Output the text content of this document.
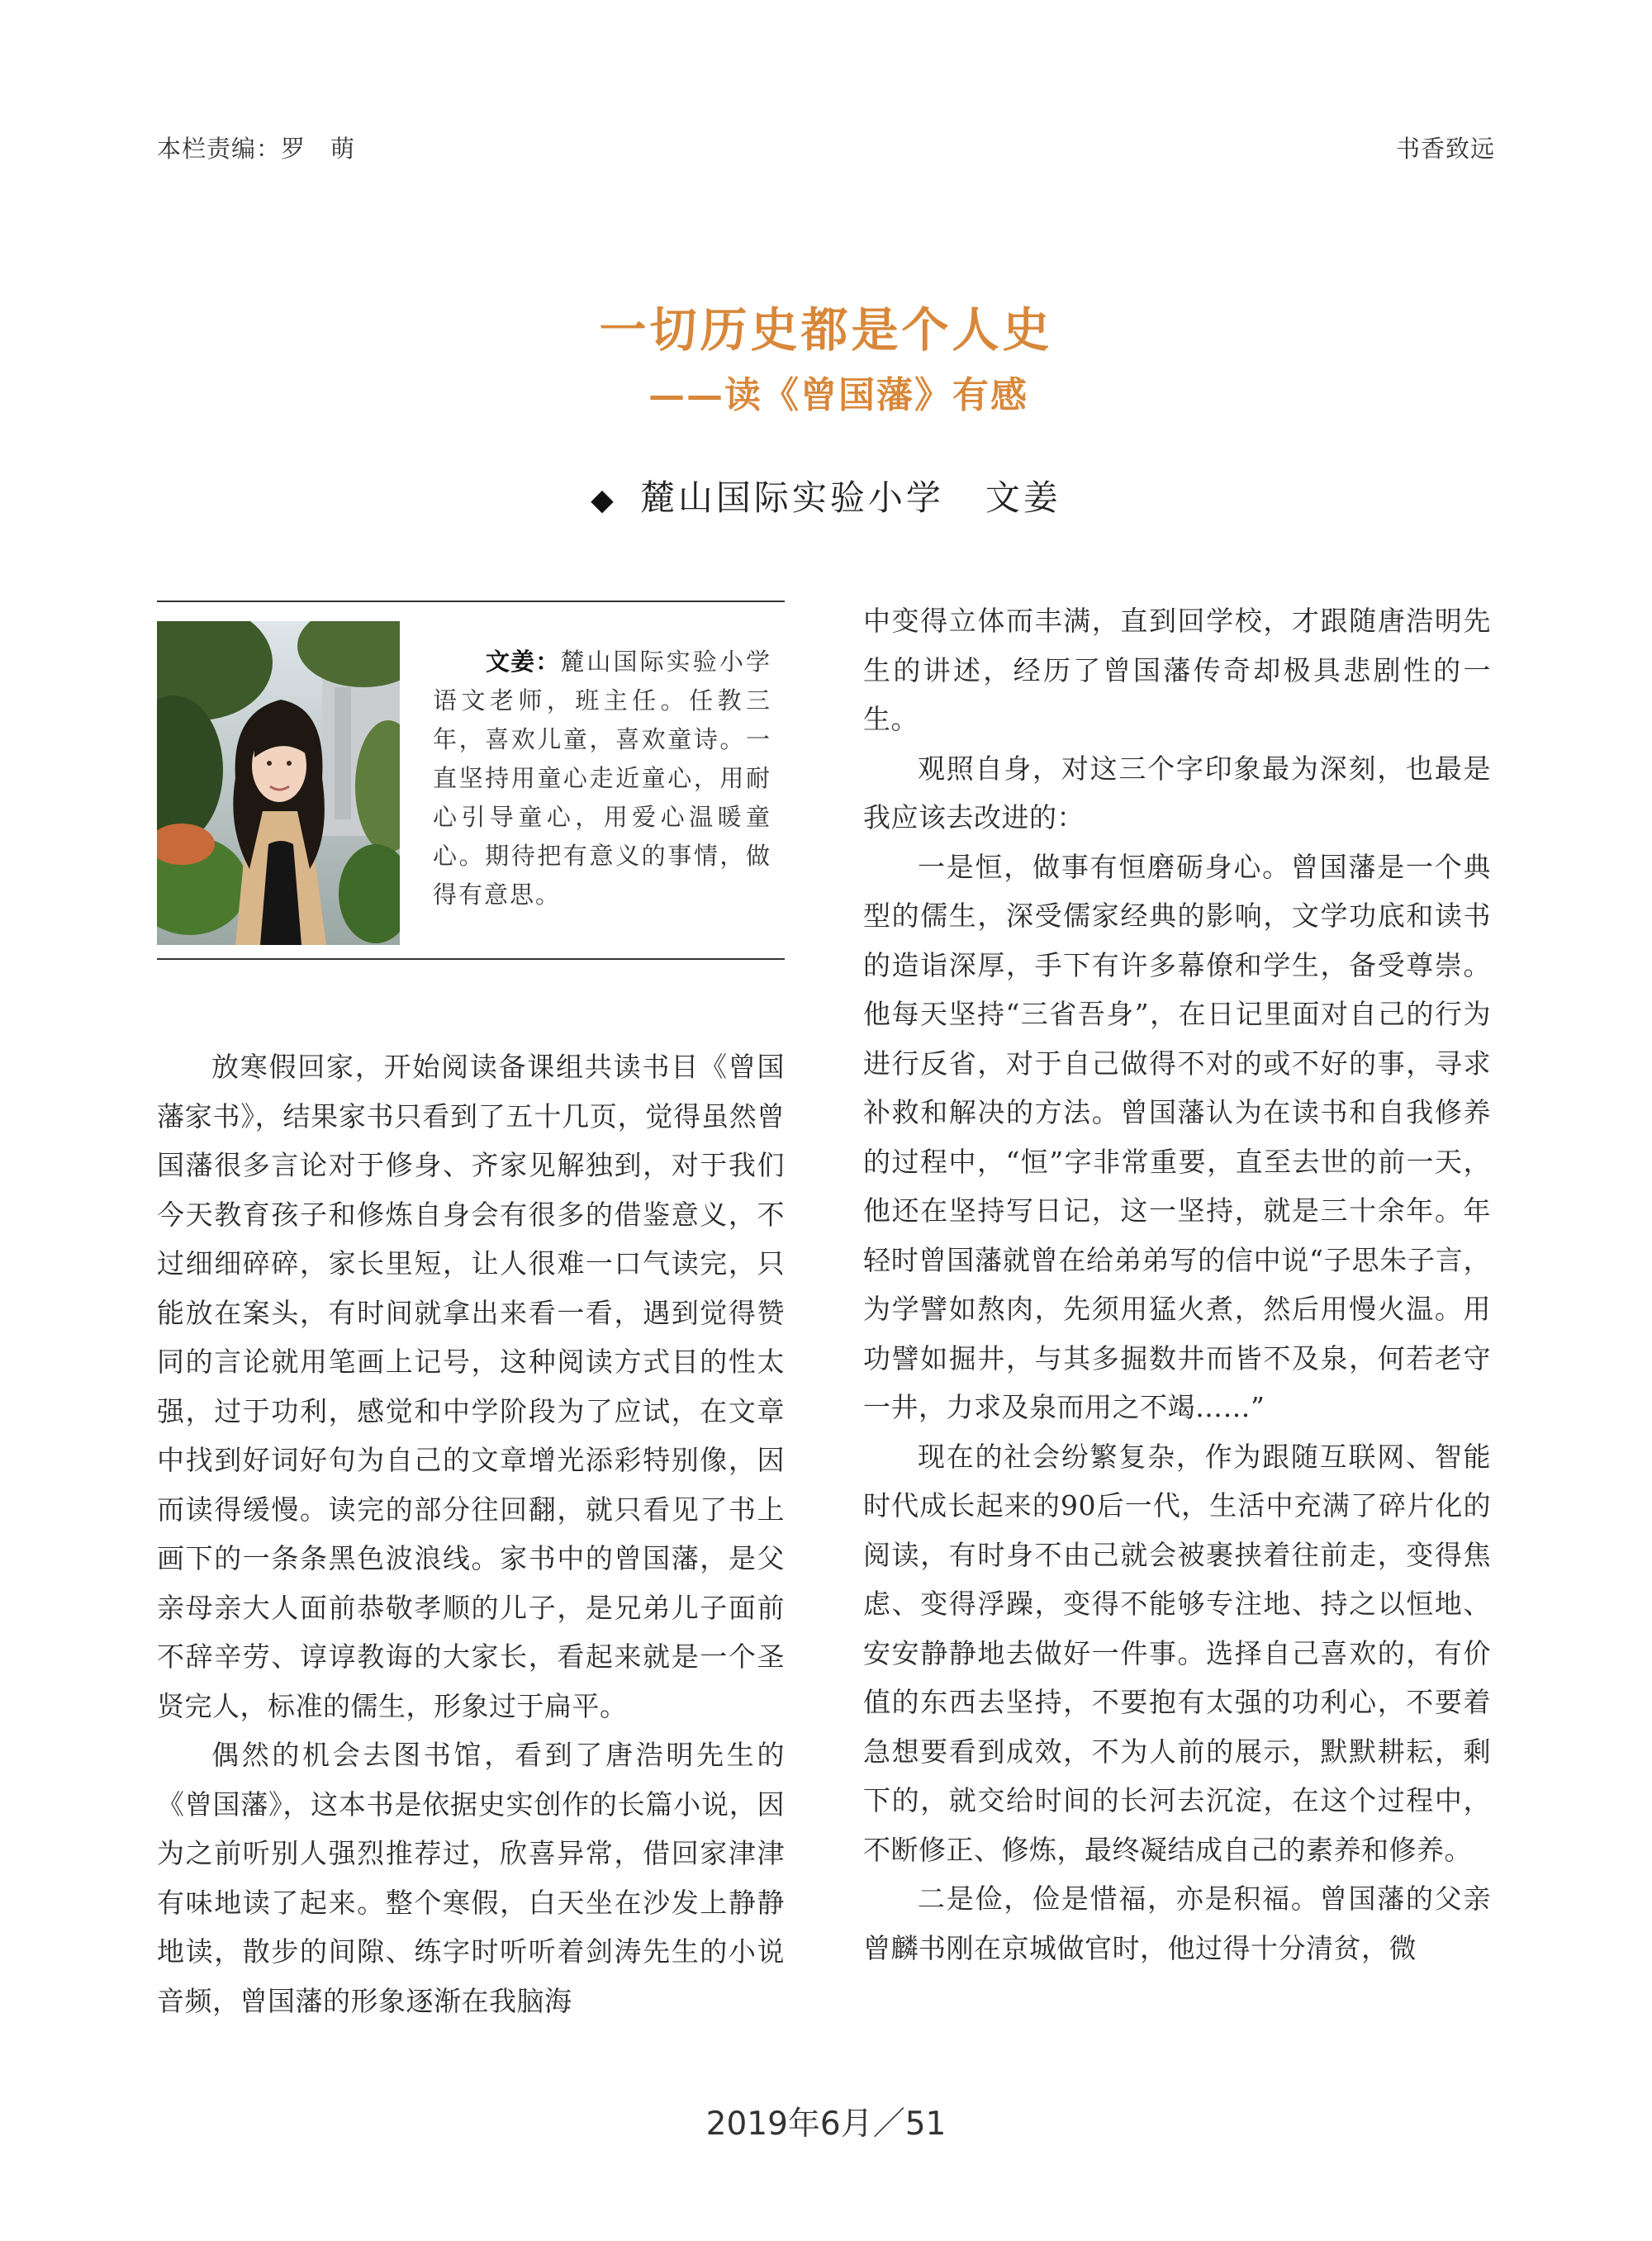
本栏责编：罗　萌	书香致远
一切历史都是个人史
——读《曾国藩》有感
◆ 麓山国际实验小学 文姜
文姜：麓山国际实验小学语文老师，班主任。任教三年，喜欢儿童，喜欢童诗。一直坚持用童心走近童心，用耐心引导童心，用爱心温暖童心。期待把有意义的事情，做得有意思。

放寒假回家，开始阅读备课组共读书目《曾国藩家书》，结果家书只看到了五十几页，觉得虽然曾国藩很多言论对于修身、齐家见解独到，对于我们今天教育孩子和修炼自身会有很多的借鉴意义，不过细细碎碎，家长里短，让人很难一口气读完，只能放在案头，有时间就拿出来看一看，遇到觉得赞同的言论就用笔画上记号，这种阅读方式目的性太强，过于功利，感觉和中学阶段为了应试，在文章中找到好词好句为自己的文章增光添彩特别像，因而读得缓慢。读完的部分往回翻，就只看见了书上画下的一条条黑色波浪线。家书中的曾国藩，是父亲母亲大人面前恭敬孝顺的儿子，是兄弟儿子面前不辞辛劳、谆谆教诲的大家长，看起来就是一个圣贤完人，标准的儒生，形象过于扁平。

偶然的机会去图书馆，看到了唐浩明先生的《曾国藩》，这本书是依据史实创作的长篇小说，因为之前听别人强烈推荐过，欣喜异常，借回家津津有味地读了起来。整个寒假，白天坐在沙发上静静地读，散步的间隙、练字时听听着剑涛先生的小说音频，曾国藩的形象逐渐在我脑海

中变得立体而丰满，直到回学校，才跟随唐浩明先生的讲述，经历了曾国藩传奇却极具悲剧性的一生。

观照自身，对这三个字印象最为深刻，也最是我应该去改进的：

一是恒，做事有恒磨砺身心。曾国藩是一个典型的儒生，深受儒家经典的影响，文学功底和读书的造诣深厚，手下有许多幕僚和学生，备受尊崇。他每天坚持“三省吾身”，在日记里面对自己的行为进行反省，对于自己做得不对的或不好的事，寻求补救和解决的方法。曾国藩认为在读书和自我修养的过程中，“恒”字非常重要，直至去世的前一天，他还在坚持写日记，这一坚持，就是三十余年。年轻时曾国藩就曾在给弟弟写的信中说“子思朱子言，为学譬如熬肉，先须用猛火煮，然后用慢火温。用功譬如掘井，与其多掘数井而皆不及泉，何若老守一井，力求及泉而用之不竭……”

现在的社会纷繁复杂，作为跟随互联网、智能时代成长起来的90后一代，生活中充满了碎片化的阅读，有时身不由己就会被裹挟着往前走，变得焦虑、变得浮躁，变得不能够专注地、持之以恒地、安安静静地去做好一件事。选择自己喜欢的，有价值的东西去坚持，不要抱有太强的功利心，不要着急想要看到成效，不为人前的展示，默默耕耘，剩下的，就交给时间的长河去沉淀，在这个过程中，不断修正、修炼，最终凝结成自己的素养和修养。

二是俭，俭是惜福，亦是积福。曾国藩的父亲曾麟书刚在京城做官时，他过得十分清贫，微

2019年6月／51
